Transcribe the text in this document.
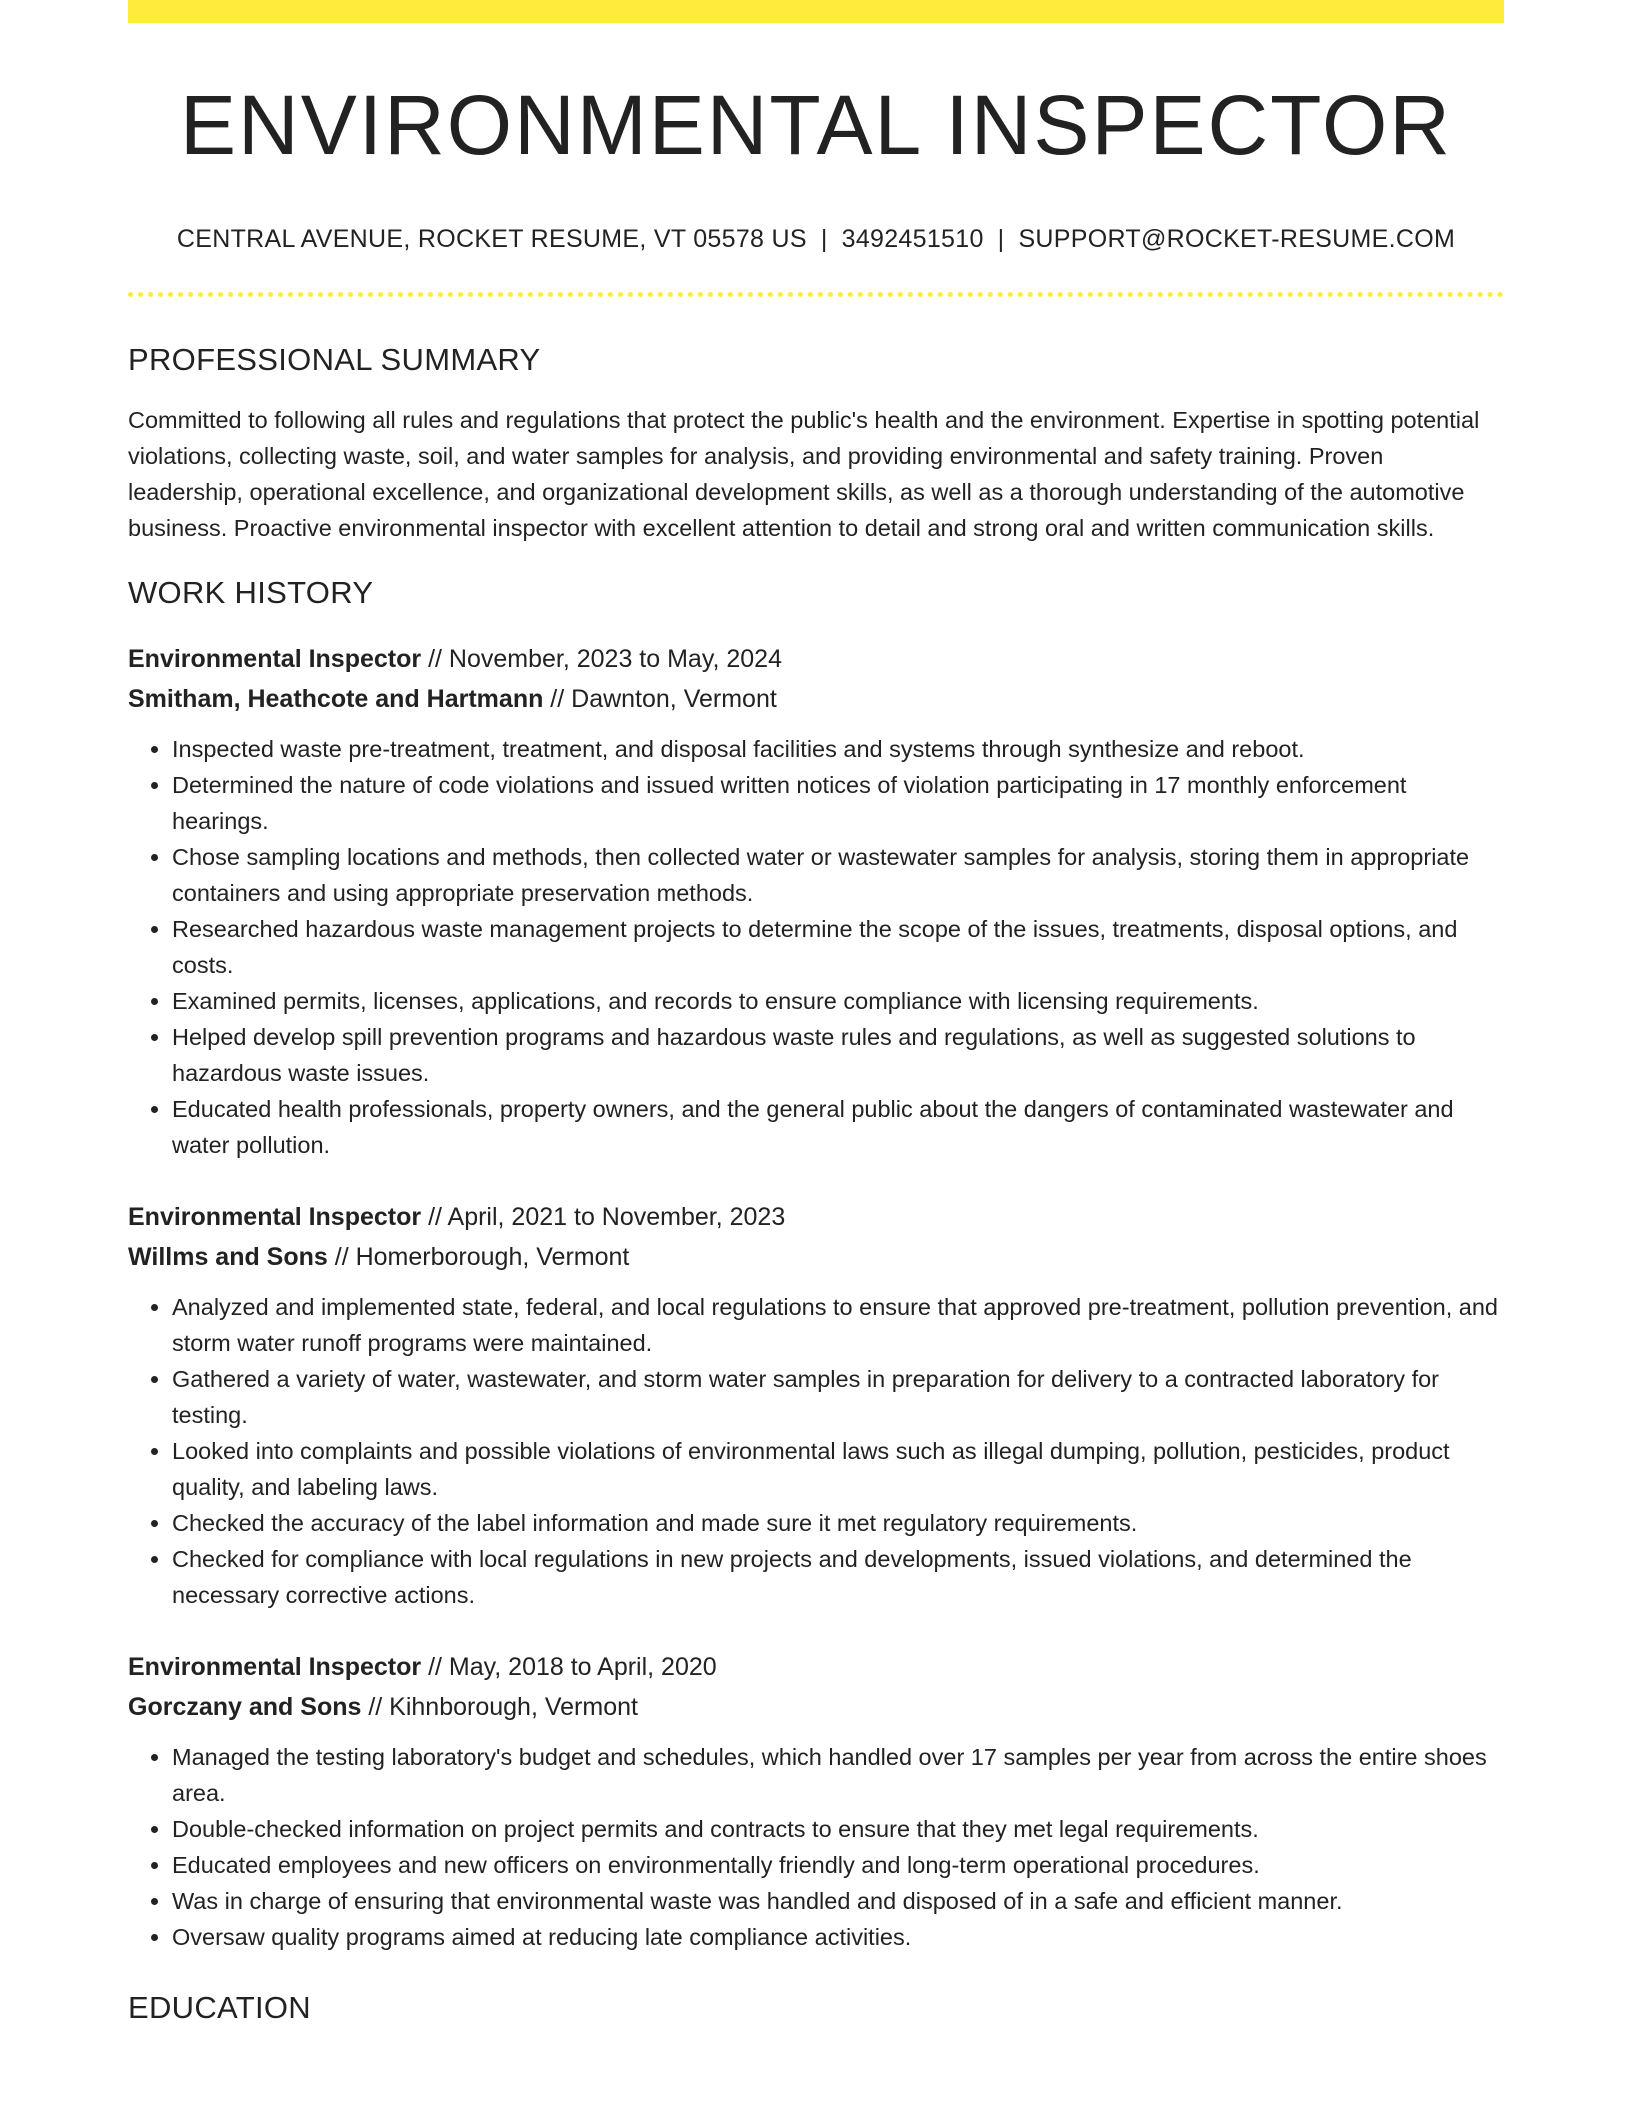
ENVIRONMENTAL INSPECTOR
CENTRAL AVENUE, ROCKET RESUME, VT 05578 US | 3492451510 | SUPPORT@ROCKET-RESUME.COM
PROFESSIONAL SUMMARY

Committed to following all rules and regulations that protect the public's health and the environment. Expertise in spotting potential violations, collecting waste, soil, and water samples for analysis, and providing environmental and safety training. Proven leadership, operational excellence, and organizational development skills, as well as a thorough understanding of the automotive business. Proactive environmental inspector with excellent attention to detail and strong oral and written communication skills.

WORK HISTORY
Environmental Inspector // November, 2023 to May, 2024
Smitham, Heathcote and Hartmann // Dawnton, Vermont
• Inspected waste pre-treatment, treatment, and disposal facilities and systems through synthesize and reboot.
• Determined the nature of code violations and issued written notices of violation participating in 17 monthly enforcement hearings.
• Chose sampling locations and methods, then collected water or wastewater samples for analysis, storing them in appropriate containers and using appropriate preservation methods.
• Researched hazardous waste management projects to determine the scope of the issues, treatments, disposal options, and costs.
• Examined permits, licenses, applications, and records to ensure compliance with licensing requirements.
• Helped develop spill prevention programs and hazardous waste rules and regulations, as well as suggested solutions to hazardous waste issues.
• Educated health professionals, property owners, and the general public about the dangers of contaminated wastewater and water pollution.
Environmental Inspector // April, 2021 to November, 2023
Willms and Sons // Homerborough, Vermont
• Analyzed and implemented state, federal, and local regulations to ensure that approved pre-treatment, pollution prevention, and storm water runoff programs were maintained.
• Gathered a variety of water, wastewater, and storm water samples in preparation for delivery to a contracted laboratory for testing.
• Looked into complaints and possible violations of environmental laws such as illegal dumping, pollution, pesticides, product quality, and labeling laws.
• Checked the accuracy of the label information and made sure it met regulatory requirements.
• Checked for compliance with local regulations in new projects and developments, issued violations, and determined the necessary corrective actions.
Environmental Inspector // May, 2018 to April, 2020
Gorczany and Sons // Kihnborough, Vermont
• Managed the testing laboratory's budget and schedules, which handled over 17 samples per year from across the entire shoes area.
• Double-checked information on project permits and contracts to ensure that they met legal requirements.
• Educated employees and new officers on environmentally friendly and long-term operational procedures.
• Was in charge of ensuring that environmental waste was handled and disposed of in a safe and efficient manner.
• Oversaw quality programs aimed at reducing late compliance activities.
EDUCATION
